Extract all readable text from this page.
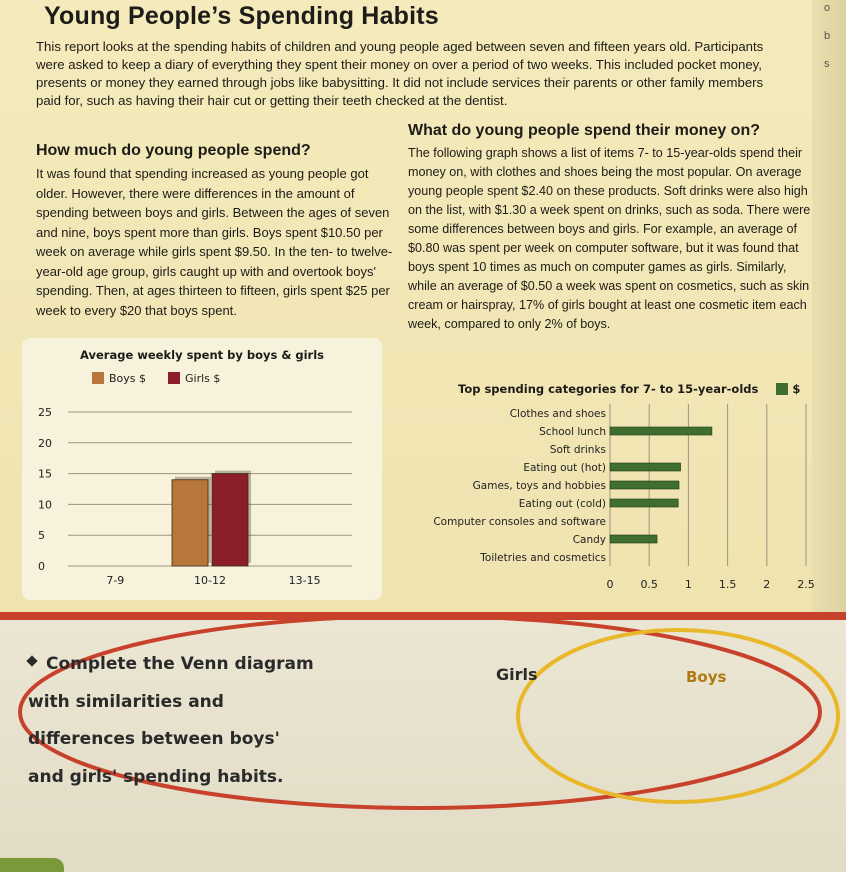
o
b
s
Young People’s Spending Habits

This report looks at the spending habits of children and young people aged between seven and fifteen years old. Participants were asked to keep a diary of everything they spent their money on over a period of two weeks. This included pocket money, presents or money they earned through jobs like babysitting. It did not include services their parents or other family members paid for, such as having their hair cut or getting their teeth checked at the dentist.

How much do young people spend?

It was found that spending increased as young people got older. However, there were differences in the amount of spending between boys and girls. Between the ages of seven and nine, boys spent more than girls. Boys spent $10.50 per week on average while girls spent $9.50. In the ten- to twelve-year-old age group, girls caught up with and overtook boys' spending. Then, at ages thirteen to fifteen, girls spent $25 per week to every $20 that boys spent.

What do young people spend their money on?

The following graph shows a list of items 7- to 15-year-olds spend their money on, with clothes and shoes being the most popular. On average young people spent $2.40 on these products. Soft drinks were also high on the list, with $1.30 a week spent on drinks, such as soda. There were some differences between boys and girls. For example, an average of $0.80 was spent per week on computer software, but it was found that boys spent 10 times as much on computer games as girls. Similarly, while an average of $0.50 a week was spent on cosmetics, such as skin cream or hairspray, 17% of girls bought at least one cosmetic item each week, compared to only 2% of boys.

Average weekly spent by boys & girls
Boys $	Girls $
0
5
10
15
20
25
7-9	10-12	13-15
Top spending categories for 7- to 15-year-olds	$
0 0.5 1 1.5 2 2.5
Clothes and shoes
School lunch
Soft drinks
Eating out (hot)
Games, toys and hobbies
Eating out (cold)
Computer consoles and software
Candy
Toiletries and cosmetics
Girls	Boys
Complete the Venn diagram
with similarities and
differences between boys'
and girls' spending habits.
